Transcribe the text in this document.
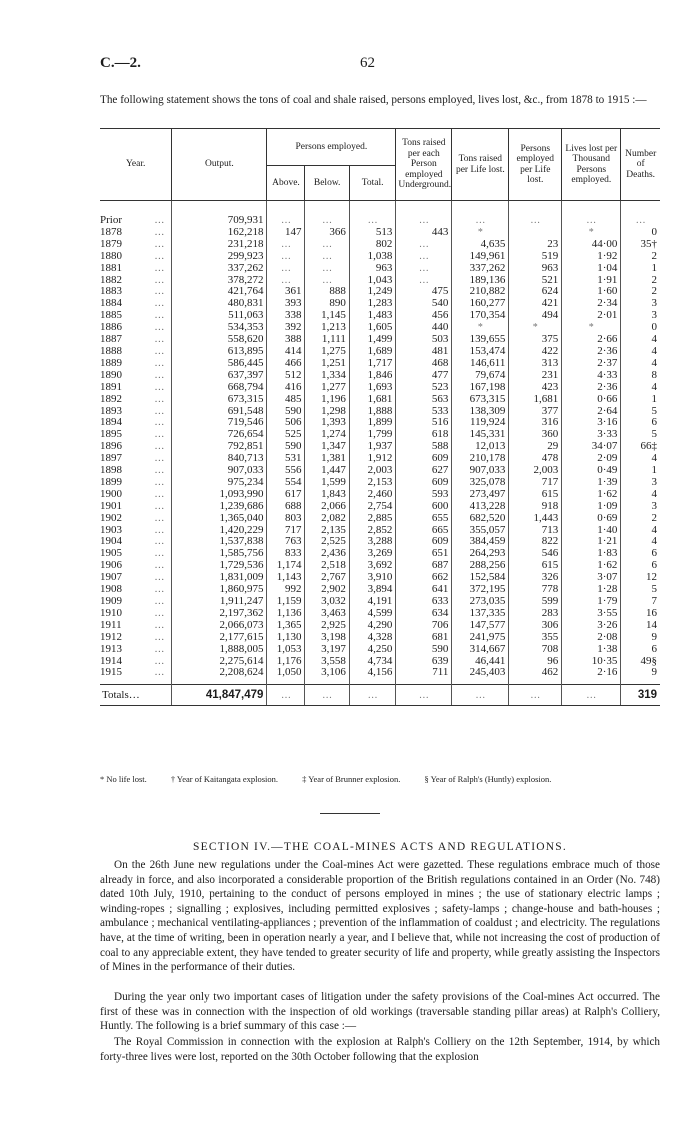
C.—2.	62

The following statement shows the tons of coal and shale raised, persons employed, lives lost, &c., from 1878 to 1915 :—

Year.	Output.	Persons employed.			Tons raised per each Person employed Underground.	Tons raised per Life lost.	Persons employed per Life lost.	Lives lost per Thousand Persons employed.	Number of Deaths.
		Above.	Below.	Total.					

Prior …	709,931	…	…	…	…	…	…	…	…
1878 …	162,218	147	366	513	443	*		*	0
1879 …	231,218	…	…	802	…	4,635	23	44·00	35†
1880 …	299,923	…	…	1,038	…	149,961	519	1·92	2
1881 …	337,262	…	…	963	…	337,262	963	1·04	1
1882 …	378,272	…	…	1,043	…	189,136	521	1·91	2
1883 …	421,764	361	888	1,249	475	210,882	624	1·60	2
1884 …	480,831	393	890	1,283	540	160,277	421	2·34	3
1885 …	511,063	338	1,145	1,483	456	170,354	494	2·01	3
1886 …	534,353	392	1,213	1,605	440	*	*	*	0
1887 …	558,620	388	1,111	1,499	503	139,655	375	2·66	4
1888 …	613,895	414	1,275	1,689	481	153,474	422	2·36	4
1889 …	586,445	466	1,251	1,717	468	146,611	313	2·37	4
1890 …	637,397	512	1,334	1,846	477	79,674	231	4·33	8
1891 …	668,794	416	1,277	1,693	523	167,198	423	2·36	4
1892 …	673,315	485	1,196	1,681	563	673,315	1,681	0·66	1
1893 …	691,548	590	1,298	1,888	533	138,309	377	2·64	5
1894 …	719,546	506	1,393	1,899	516	119,924	316	3·16	6
1895 …	726,654	525	1,274	1,799	618	145,331	360	3·33	5
1896 …	792,851	590	1,347	1,937	588	12,013	29	34·07	66‡
1897 …	840,713	531	1,381	1,912	609	210,178	478	2·09	4
1898 …	907,033	556	1,447	2,003	627	907,033	2,003	0·49	1
1899 …	975,234	554	1,599	2,153	609	325,078	717	1·39	3
1900 …	1,093,990	617	1,843	2,460	593	273,497	615	1·62	4
1901 …	1,239,686	688	2,066	2,754	600	413,228	918	1·09	3
1902 …	1,365,040	803	2,082	2,885	655	682,520	1,443	0·69	2
1903 …	1,420,229	717	2,135	2,852	665	355,057	713	1·40	4
1904 …	1,537,838	763	2,525	3,288	609	384,459	822	1·21	4
1905 …	1,585,756	833	2,436	3,269	651	264,293	546	1·83	6
1906 …	1,729,536	1,174	2,518	3,692	687	288,256	615	1·62	6
1907 …	1,831,009	1,143	2,767	3,910	662	152,584	326	3·07	12
1908 …	1,860,975	992	2,902	3,894	641	372,195	778	1·28	5
1909 …	1,911,247	1,159	3,032	4,191	633	273,035	599	1·79	7
1910 …	2,197,362	1,136	3,463	4,599	634	137,335	283	3·55	16
1911 …	2,066,073	1,365	2,925	4,290	706	147,577	306	3·26	14
1912 …	2,177,615	1,130	3,198	4,328	681	241,975	355	2·08	9
1913 …	1,888,005	1,053	3,197	4,250	590	314,667	708	1·38	6
1914 …	2,275,614	1,176	3,558	4,734	639	46,441	96	10·35	49§
1915 …	2,208,624	1,050	3,106	4,156	711	245,403	462	2·16	9
Totals…	41,847,479	…	…	…	…	…	…	…	319
* No life lost.	† Year of Kaitangata explosion.	‡ Year of Brunner explosion.	§ Year of Ralph's (Huntly) explosion.
SECTION IV.—THE COAL-MINES ACTS AND REGULATIONS.

On the 26th June new regulations under the Coal-mines Act were gazetted. These regulations embrace much of those already in force, and also incorporated a considerable proportion of the British regulations contained in an Order (No. 748) dated 10th July, 1910, pertaining to the conduct of persons employed in mines ; the use of stationary electric lamps ; winding-ropes ; signalling ; explosives, including permitted explosives ; safety-lamps ; change-house and bath-houses ; ambulance ; mechanical ventilating-appliances ; prevention of the inflammation of coaldust ; and electricity. The regulations have, at the time of writing, been in operation nearly a year, and I believe that, while not increasing the cost of production of coal to any appreciable extent, they have tended to greater security of life and property, while greatly assisting the Inspectors of Mines in the performance of their duties.

During the year only two important cases of litigation under the safety provisions of the Coal-mines Act occurred. The first of these was in connection with the inspection of old workings (traversable standing pillar areas) at Ralph's Colliery, Huntly. The following is a brief summary of this case :—

The Royal Commission in connection with the explosion at Ralph's Colliery on the 12th September, 1914, by which forty-three lives were lost, reported on the 30th October following that the explosion
